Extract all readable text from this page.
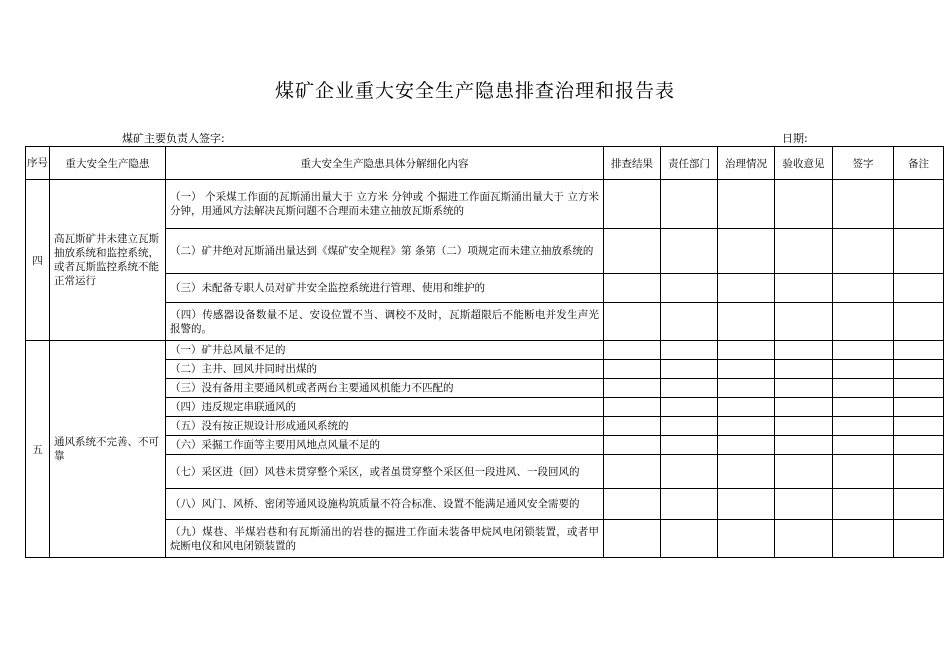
煤矿企业重大安全生产隐患排查治理和报告表
煤矿主要负责人签字:	日期:
序号	重大安全生产隐患	重大安全生产隐患具体分解细化内容	排查结果	责任部门	治理情况	验收意见	签字	备注
四	高瓦斯矿井未建立瓦斯抽放系统和监控系统，或者瓦斯监控系统不能正常运行	（一） 个采煤工作面的瓦斯涌出量大于 立方米 分钟或 个掘进工作面瓦斯涌出量大于 立方米 分钟，用通风方法解决瓦斯问题不合理而未建立抽放瓦斯系统的						
		（二）矿井绝对瓦斯涌出量达到《煤矿安全规程》第 条第（二）项规定而未建立抽放系统的						
		（三）未配备专职人员对矿井安全监控系统进行管理、使用和维护的						
		（四）传感器设备数量不足、安设位置不当、调校不及时，瓦斯超限后不能断电并发生声光报警的。						
五	通风系统不完善、不可靠	（一）矿井总风量不足的						
		（二）主井、回风井同时出煤的						
		（三）没有备用主要通风机或者两台主要通风机能力不匹配的						
		（四）违反规定串联通风的						
		（五）没有按正规设计形成通风系统的						
		（六）采掘工作面等主要用风地点风量不足的						
		（七）采区进（回）风巷未贯穿整个采区，或者虽贯穿整个采区但一段进风、一段回风的						
		（八）风门、风桥、密闭等通风设施构筑质量不符合标准、设置不能满足通风安全需要的						
		（九）煤巷、半煤岩巷和有瓦斯涌出的岩巷的掘进工作面未装备甲烷风电闭锁装置，或者甲烷断电仪和风电闭锁装置的						
